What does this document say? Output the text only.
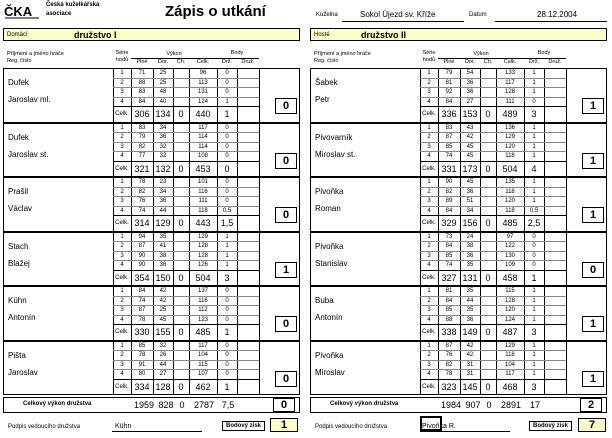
ČKA Česká kuželkářská
asociace	Zápis o utkání	Kuželna	Sokol Újezd sv. Kříže	Datum	28.12.2004
Domácí	družstvo I	Hosté	družstvo II
Příjmení a jméno hráče
Reg. číslo
Série
hodů
Výkon	Body
Plné	Dor.	Ch.	Celk.	Drž.	Druž.
Příjmení a jméno hráče
Reg. číslo
Série
hodů
Výkon	Body
Plné	Dor.	Ch.	Celk.	Drž.	Druž.
Dufek
Jaroslav ml.
1	71	25	96	0
2	88	25	113	0
3	83	48	131	0
4	84	40	124	1
Celk. 306 134 0	440	1
0
Dufek
Jaroslav st.
1	83	34	117	0
2	79	36	114	0
3	82	32	114	0
4	77	32	108	0
Celk. 321 132 0	453	0
0
Prašil
Václav
1	78	23	101	0
2	82	34	116	0
3	76	36	111	0
4	74	44	118	0,5
Celk. 314 129 0	443	1,5
0
Stach
Blažej
1	94	35	129	1
2	87	41	128	1
3	90	38	128	1
4	90	36	126	1
Celk. 354 150 0	504	3
1
Kühn
Antonín
1	84	42	137	0
2	74	42	116	0
3	87	25	112	0
4	78	45	123	0
Celk. 330 155 0	485	1
0
Pišta
Jaroslav
1	85	32	117	0
2	78	26	104	0
3	91	44	115	0
4	80	27	107	0
Celk. 334 128 0	462	1
0
Šabek
Petr
1	79	54	133	1
2	81	36	117	1
3	92	36	128	1
4	84	27	111	0
Celk. 336 153 0	489	3
1
Pivovarník
Miroslav st.
1	83	43	136	1
2	87	42	129	1
3	85	45	120	1
4	74	45	118	1
Celk. 331 173 0	504	4
1
Pivoňka
Roman
1	90	45	135	1
2	82	36	118	1
3	89	51	120	1
4	84	34	118	0,5
Celk. 329 156 0	485	2,5
1
Pivoňka
Stanislav
1	73	24	97	0
2	84	38	122	0
3	85	36	130	0
4	74	35	109	0
Celk. 327 131 0	458	1
0
Buba
Antonín
1	81	35	115	1
2	84	44	128	1
3	85	35	120	1
4	88	36	124	1
Celk. 338 149 0	487	3
1
Pivoňka
Miroslav
1	87	42	129	1
2	76	42	118	1
3	82	31	104	1
4	78	31	117	1
Celk. 323 145 0	468	3
1
Celkový výkon družstva	1959 828 0	2787 7,5	0	Celkový výkon družstva	1984 907 0	2891 17	2
Podpis vedoucího družstva	Kühn	Bodový zisk	1	Podpis vedoucího družstva	Pivoňka R.	Bodový zisk	7
